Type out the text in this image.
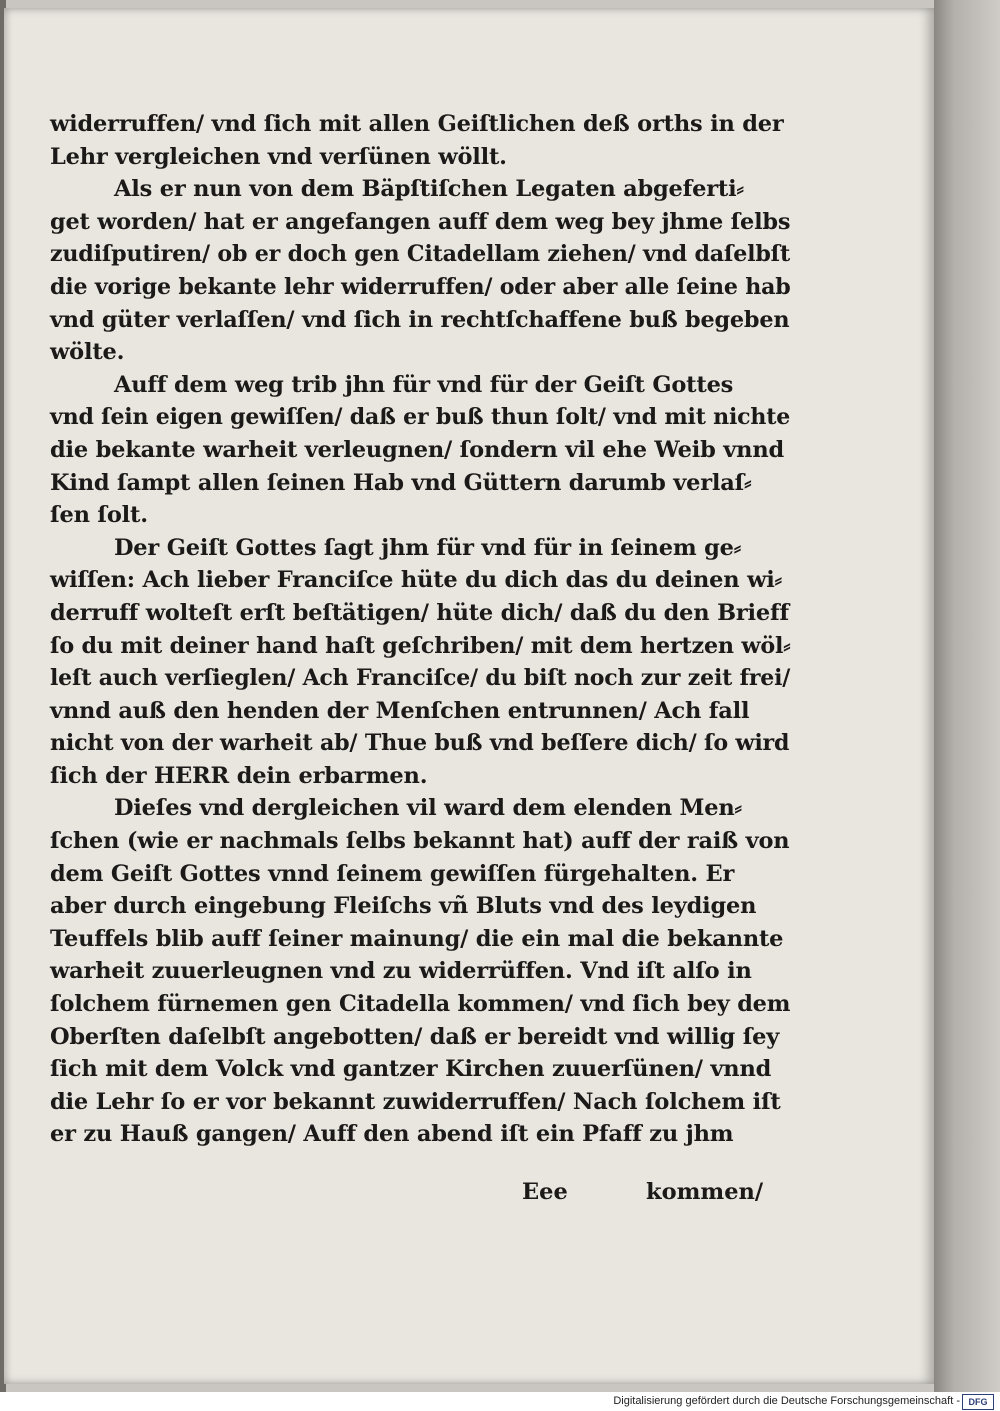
widerruffen/ vnd ſich mit allen Geiſtlichen deß orths in der
Lehr vergleichen vnd verſünen wöllt.
Als er nun von dem Bäpſtiſchen Legaten abgeferti⸗
get worden/ hat er angefangen auff dem weg bey jhme ſelbs
zudiſputiren/ ob er doch gen Citadellam ziehen/ vnd daſelbſt
die vorige bekante lehr widerruffen/ oder aber alle ſeine hab
vnd güter verlaſſen/ vnd ſich in rechtſchaffene buß begeben
wölte.
Auff dem weg trib jhn für vnd für der Geiſt Gottes
vnd ſein eigen gewiſſen/ daß er buß thun ſolt/ vnd mit nichte
die bekante warheit verleugnen/ ſondern vil ehe Weib vnnd
Kind ſampt allen ſeinen Hab vnd Güttern darumb verlaſ⸗
ſen ſolt.
Der Geiſt Gottes ſagt jhm für vnd für in ſeinem ge⸗
wiſſen: Ach lieber Franciſce hüte du dich das du deinen wi⸗
derruff wolteſt erſt beſtätigen/ hüte dich/ daß du den Brieff
ſo du mit deiner hand haſt geſchriben/ mit dem hertzen wöl⸗
leſt auch verſieglen/ Ach Franciſce/ du biſt noch zur zeit frei/
vnnd auß den henden der Menſchen entrunnen/ Ach fall
nicht von der warheit ab/ Thue buß vnd beſſere dich/ ſo wird
ſich der HERR dein erbarmen.
Dieſes vnd dergleichen vil ward dem elenden Men⸗
ſchen (wie er nachmals ſelbs bekannt hat) auff der raiß von
dem Geiſt Gottes vnnd ſeinem gewiſſen fürgehalten. Er
aber durch eingebung Fleiſchs vñ Bluts vnd des leydigen
Teuffels blib auff ſeiner mainung/ die ein mal die bekannte
warheit zuuerleugnen vnd zu widerrüffen. Vnd iſt alſo in
ſolchem fürnemen gen Citadella kommen/ vnd ſich bey dem
Oberſten daſelbſt angebotten/ daß er bereidt vnd willig ſey
ſich mit dem Volck vnd gantzer Kirchen zuuerſünen/ vnnd
die Lehr ſo er vor bekannt zuwiderruffen/ Nach ſolchem iſt
er zu Hauß gangen/ Auff den abend iſt ein Pfaff zu jhm
Eee	kommen/
Digitalisierung gefördert durch die Deutsche Forschungsgemeinschaft - DFG
